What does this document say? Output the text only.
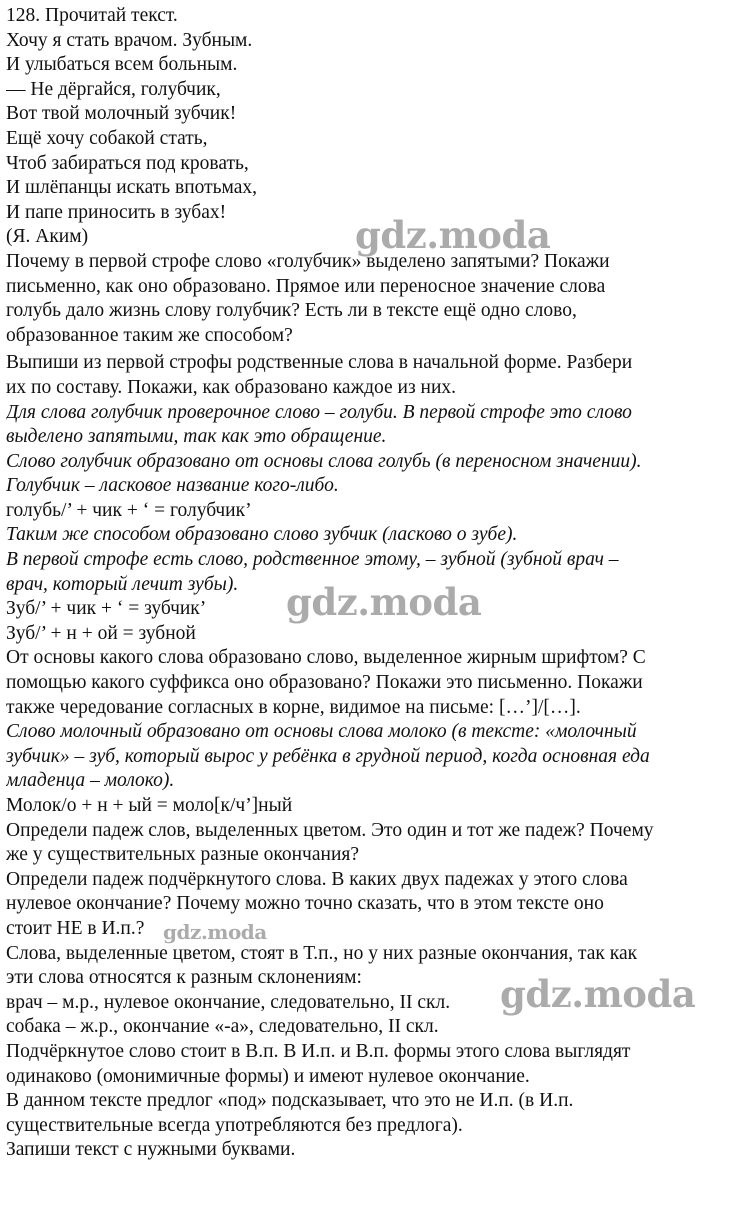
128. Прочитай текст.
Хочу я стать врачом. Зубным.
И улыбаться всем больным.
— Не дёргайся, голубчик,
Вот твой молочный зубчик!
Ещё хочу собакой стать,
Чтоб забираться под кровать,
И шлёпанцы искать впотьмах,
И папе приносить в зубах!
(Я. Аким)
Почему в первой строфе слово «голубчик» выделено запятыми? Покажи
письменно, как оно образовано. Прямое или переносное значение слова
голубь дало жизнь слову голубчик? Есть ли в тексте ещё одно слово,
образованное таким же способом?
Выпиши из первой строфы родственные слова в начальной форме. Разбери
их по составу. Покажи, как образовано каждое из них.
Для слова голубчик проверочное слово – голуби. В первой строфе это слово
выделено запятыми, так как это обращение.
Слово голубчик образовано от основы слова голубь (в переносном значении).
Голубчик – ласковое название кого-либо.
голубь/’ + чик + ‘ = голубчик’
Таким же способом образовано слово зубчик (ласково о зубе).
В первой строфе есть слово, родственное этому, – зубной (зубной врач –
врач, который лечит зубы).
Зуб/’ + чик + ‘ = зубчик’
Зуб/’ + н + ой = зубной
От основы какого слова образовано слово, выделенное жирным шрифтом? С
помощью какого суффикса оно образовано? Покажи это письменно. Покажи
также чередование согласных в корне, видимое на письме: […’]/[…].
Слово молочный образовано от основы слова молоко (в тексте: «молочный
зубчик» – зуб, который вырос у ребёнка в грудной период, когда основная еда
младенца – молоко).
Молок/о + н + ый = моло[к/ч’]ный
Определи падеж слов, выделенных цветом. Это один и тот же падеж? Почему
же у существительных разные окончания?
Определи падеж подчёркнутого слова. В каких двух падежах у этого слова
нулевое окончание? Почему можно точно сказать, что в этом тексте оно
стоит НЕ в И.п.?
Слова, выделенные цветом, стоят в Т.п., но у них разные окончания, так как
эти слова относятся к разным склонениям:
врач – м.р., нулевое окончание, следовательно, II скл.
собака – ж.р., окончание «-а», следовательно, II скл.
Подчёркнутое слово стоит в В.п. В И.п. и В.п. формы этого слова выглядят
одинаково (омонимичные формы) и имеют нулевое окончание.
В данном тексте предлог «под» подсказывает, что это не И.п. (в И.п.
существительные всегда употребляются без предлога).
Запиши текст с нужными буквами.
gdz.moda
gdz.moda
gdz.moda
gdz.moda
